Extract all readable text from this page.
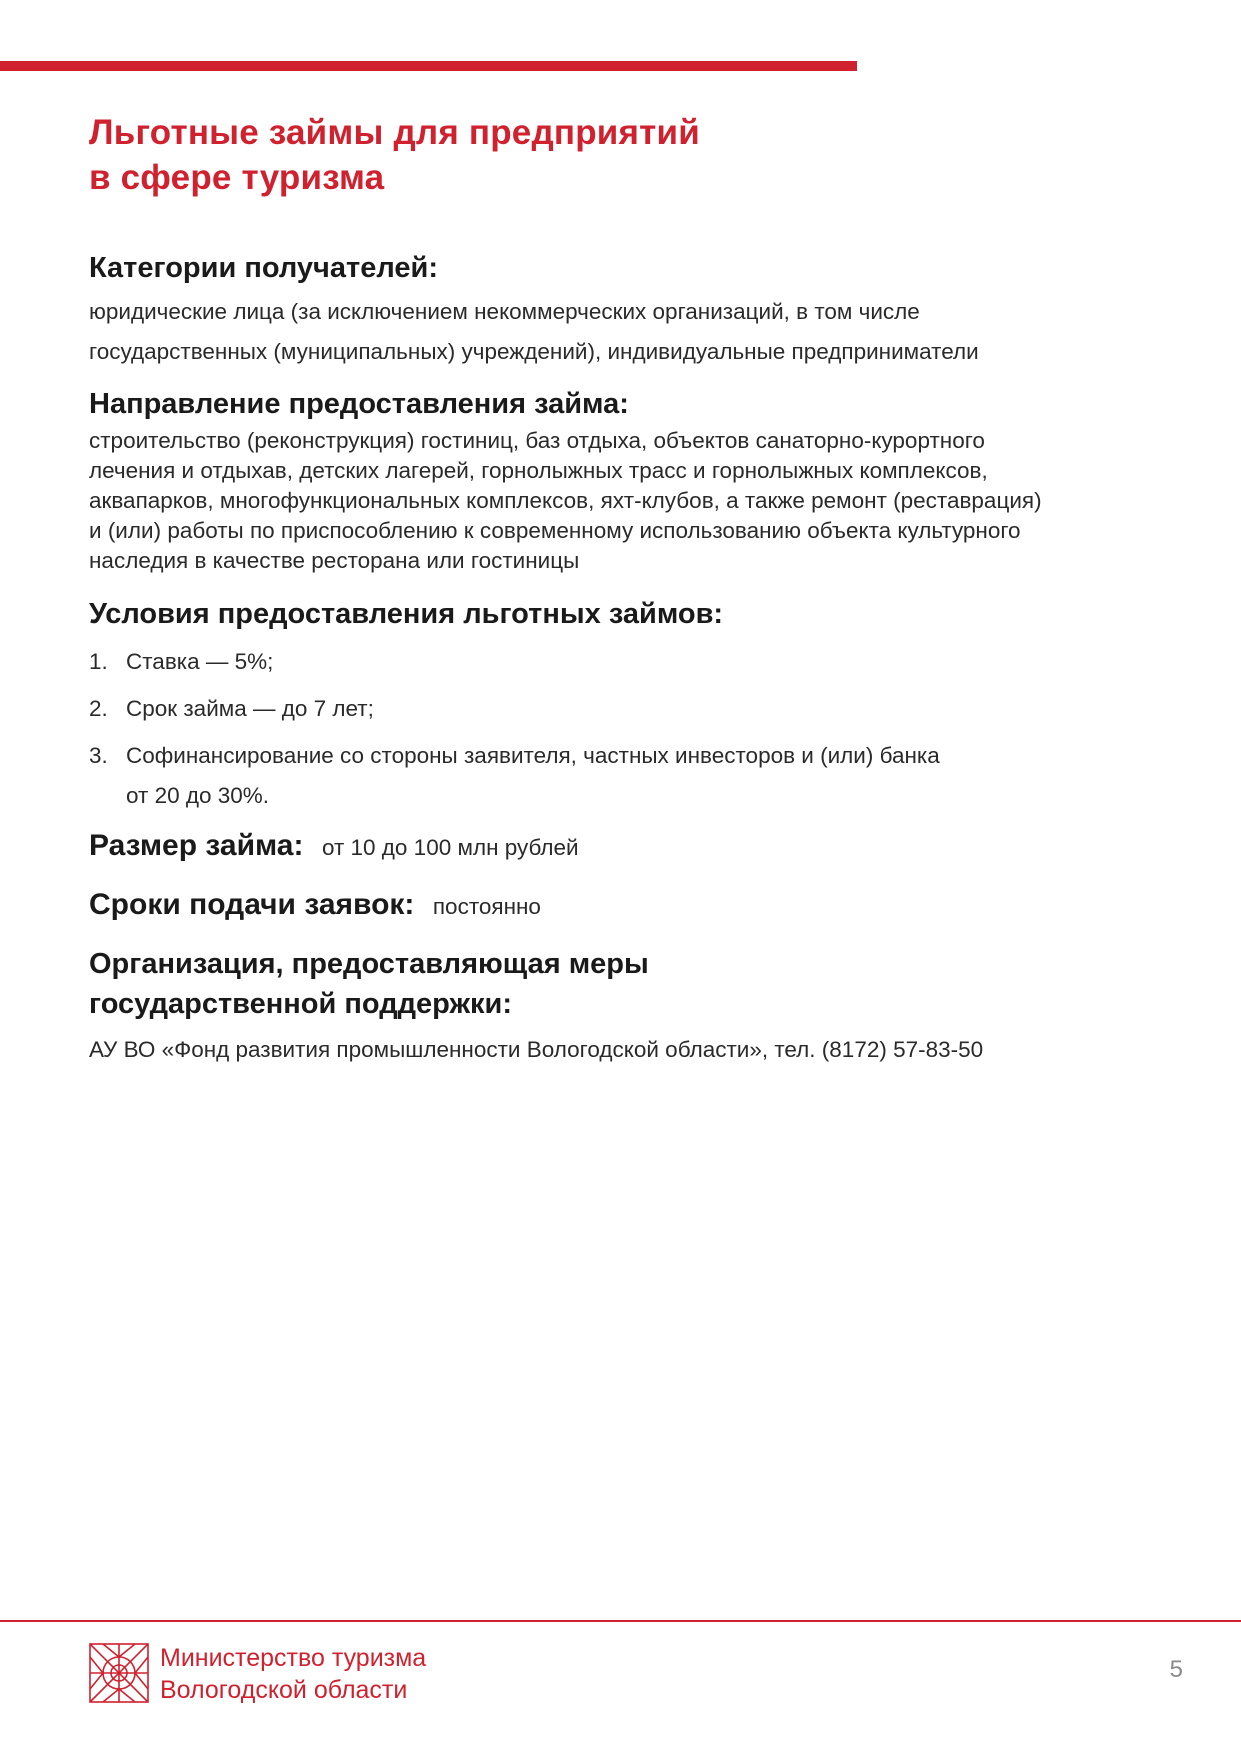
Льготные займы для предприятий
в сфере туризма
Категории получателей:

юридические лица (за исключением некоммерческих организаций, в том числе
государственных (муниципальных) учреждений), индивидуальные предприниматели

Направление предоставления займа:

строительство (реконструкция) гостиниц, баз отдыха, объектов санаторно-курортного
лечения и отдыхав, детских лагерей, горнолыжных трасс и горнолыжных комплексов,
аквапарков, многофункциональных комплексов, яхт-клубов, а также ремонт (реставрация)
и (или) работы по приспособлению к современному использованию объекта культурного
наследия в качестве ресторана или гостиницы

Условия предоставления льготных займов:
1. Ставка — 5%;
2. Срок займа — до 7 лет;
3. Софинансирование со стороны заявителя, частных инвесторов и (или) банка
от 20 до 30%.
Размер займа: от 10 до 100 млн рублей

Сроки подачи заявок: постоянно

Организация, предоставляющая меры
государственной поддержки:

АУ ВО «Фонд развития промышленности Вологодской области», тел. (8172) 57-83-50

Министерство туризма
Вологодской области
5
